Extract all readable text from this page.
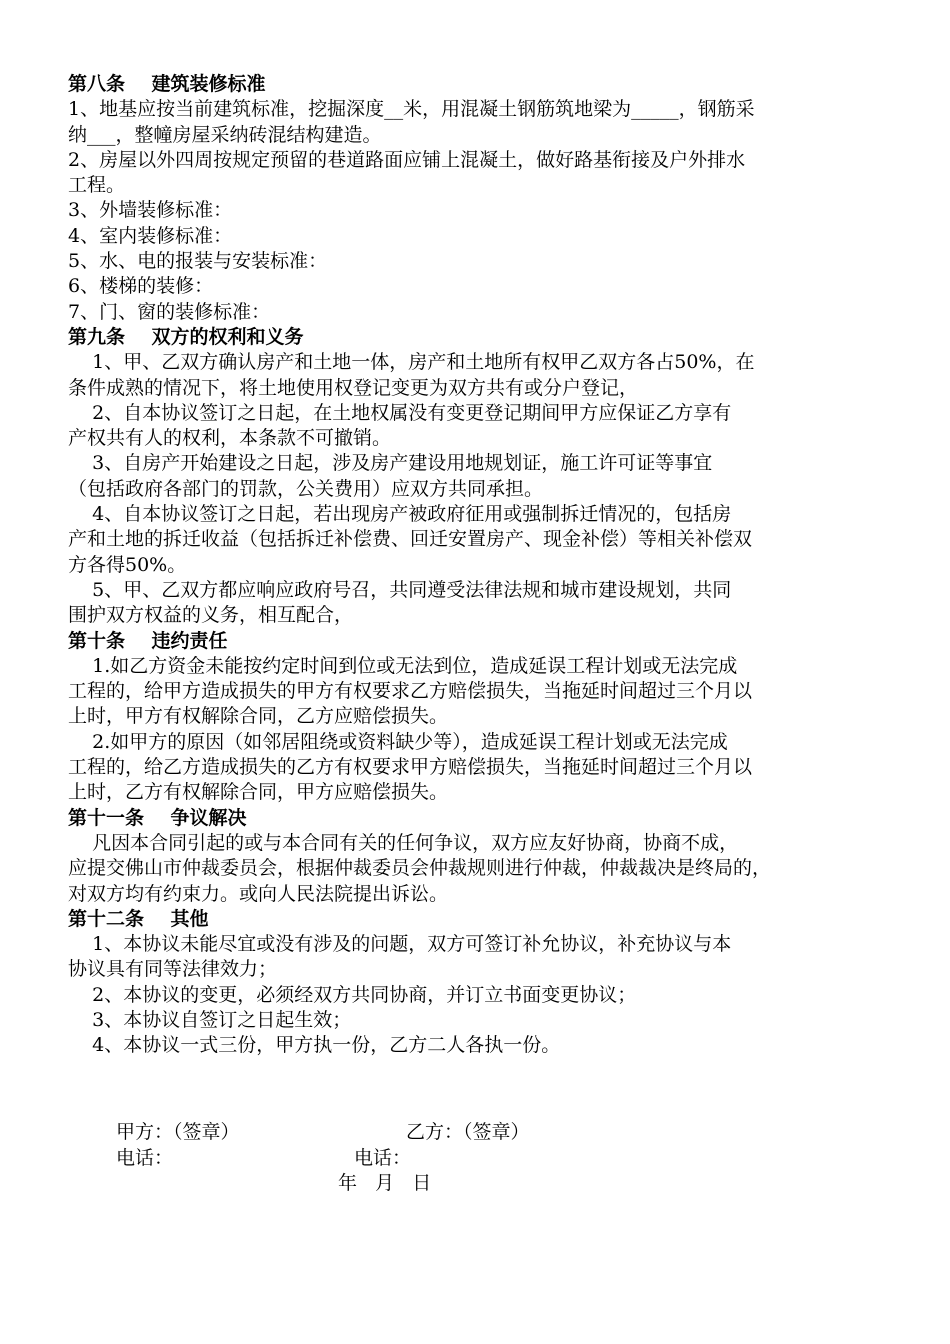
第八条    建筑装修标准
1、地基应按当前建筑标准，挖掘深度__米，用混凝土钢筋筑地梁为_____，钢筋采
纳___，整幢房屋采纳砖混结构建造。
2、房屋以外四周按规定预留的巷道路面应铺上混凝土，做好路基衔接及户外排水
工程。
3、外墙装修标准：
4、室内装修标准：
5、水、电的报装与安装标准：
6、楼梯的装修：
7、门、窗的装修标准：
第九条    双方的权利和义务
1、甲、乙双方确认房产和土地一体，房产和土地所有权甲乙双方各占50%，在
条件成熟的情况下，将土地使用权登记变更为双方共有或分户登记，
2、自本协议签订之日起，在土地权属没有变更登记期间甲方应保证乙方享有
产权共有人的权利，本条款不可撤销。
3、自房产开始建设之日起，涉及房产建设用地规划证，施工许可证等事宜
（包括政府各部门的罚款，公关费用）应双方共同承担。
4、自本协议签订之日起，若出现房产被政府征用或强制拆迁情况的，包括房
产和土地的拆迁收益（包括拆迁补偿费、回迁安置房产、现金补偿）等相关补偿双
方各得50%。
5、甲、乙双方都应响应政府号召，共同遵受法律法规和城市建设规划，共同
围护双方权益的义务，相互配合，
第十条    违约责任
1.如乙方资金未能按约定时间到位或无法到位，造成延误工程计划或无法完成
工程的，给甲方造成损失的甲方有权要求乙方赔偿损失，当拖延时间超过三个月以
上时，甲方有权解除合同，乙方应赔偿损失。
2.如甲方的原因（如邻居阻绕或资料缺少等），造成延误工程计划或无法完成
工程的，给乙方造成损失的乙方有权要求甲方赔偿损失，当拖延时间超过三个月以
上时，乙方有权解除合同，甲方应赔偿损失。
第十一条    争议解决
凡因本合同引起的或与本合同有关的任何争议，双方应友好协商，协商不成，
应提交佛山市仲裁委员会，根据仲裁委员会仲裁规则进行仲裁，仲裁裁决是终局的，
对双方均有约束力。或向人民法院提出诉讼。
第十二条    其他
1、本协议未能尽宜或没有涉及的问题，双方可签订补允协议，补充协议与本
协议具有同等法律效力；
2、本协议的变更，必须经双方共同协商，并订立书面变更协议；
3、本协议自签订之日起生效；
4、本协议一式三份，甲方执一份，乙方二人各执一份。
甲方：（签章）	乙方：（签章）
电话：	电话：
年   月   日
